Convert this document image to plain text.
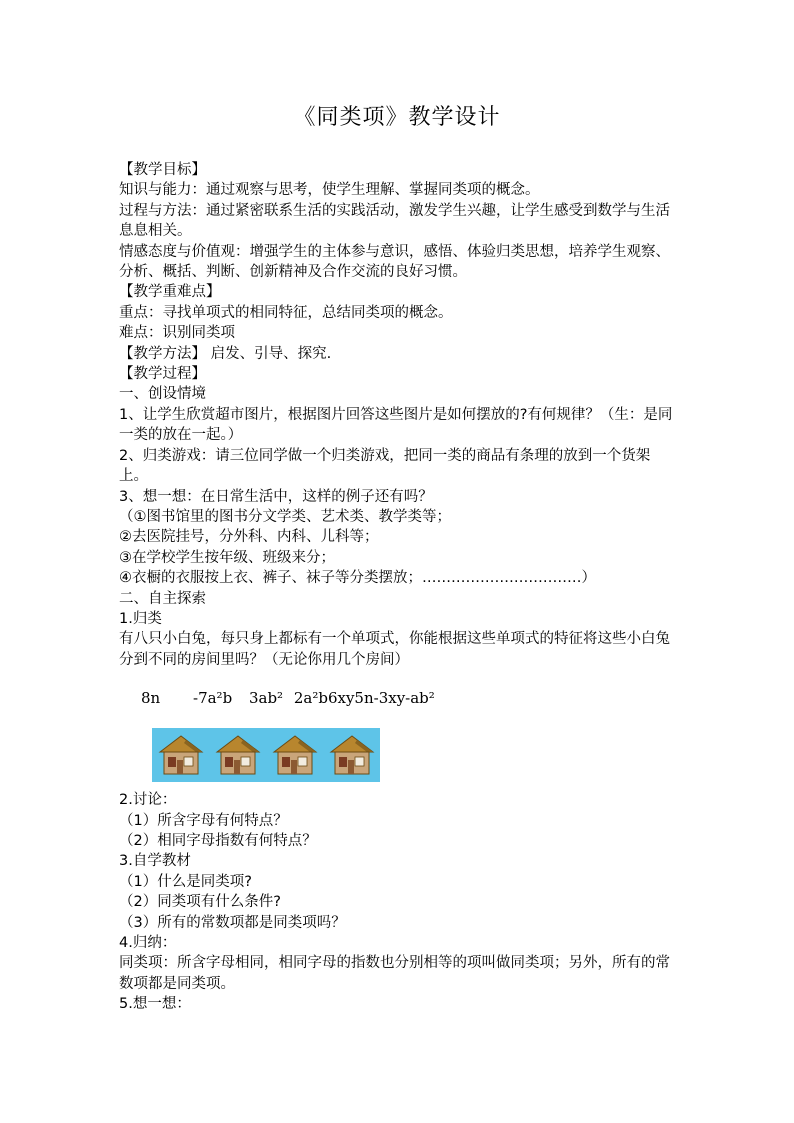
《同类项》教学设计
【教学目标】
知识与能力：通过观察与思考，使学生理解、掌握同类项的概念。
过程与方法：通过紧密联系生活的实践活动，激发学生兴趣，让学生感受到数学与生活息息相关。
情感态度与价值观：增强学生的主体参与意识，感悟、体验归类思想，培养学生观察、分析、概括、判断、创新精神及合作交流的良好习惯。
【教学重难点】
重点：寻找单项式的相同特征，总结同类项的概念。
难点：识别同类项
【教学方法】 启发、引导、探究.
【教学过程】
一、创设情境
1、让学生欣赏超市图片，根据图片回答这些图片是如何摆放的?有何规律？（生：是同一类的放在一起。）
2、归类游戏：请三位同学做一个归类游戏，把同一类的商品有条理的放到一个货架上。
3、想一想：在日常生活中，这样的例子还有吗？
（①图书馆里的图书分文学类、艺术类、教学类等；
②去医院挂号，分外科、内科、儿科等；
③在学校学生按年级、班级来分；
④衣橱的衣服按上衣、裤子、袜子等分类摆放；……………………………）
二、自主探索
1.归类
有八只小白兔，每只身上都标有一个单项式，你能根据这些单项式的特征将这些小白兔分到不同的房间里吗？（无论你用几个房间）
8n -7a²b 3ab² 2a²b6xy5n-3xy-ab²
2.讨论：
（1）所含字母有何特点？
（2）相同字母指数有何特点？
3.自学教材
（1）什么是同类项?
（2）同类项有什么条件?
（3）所有的常数项都是同类项吗？
4.归纳：
同类项：所含字母相同，相同字母的指数也分别相等的项叫做同类项；另外，所有的常数项都是同类项。
5.想一想：
